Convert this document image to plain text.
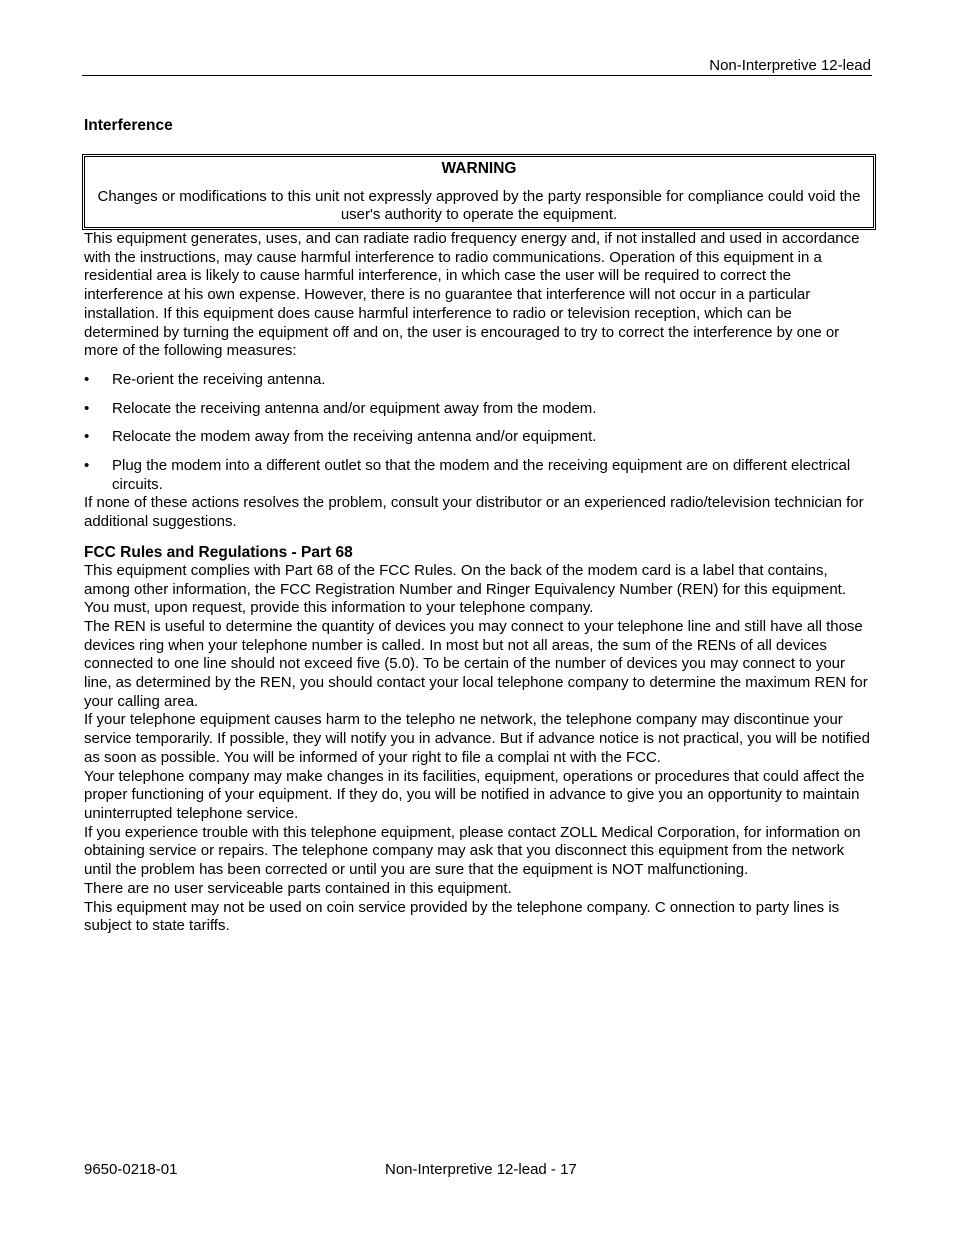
Non-Interpretive 12-lead
Interference
WARNING

Changes or modifications to this unit not expressly approved by the party responsible for compliance could void the user's authority to operate the equipment.

This equipment generates, uses, and can radiate radio frequency energy and, if not installed and used in accordance with the instructions, may cause harmful interference to radio communications. Operation of this equipment in a residential area is likely to cause harmful interference, in which case the user will be required to correct the interference at his own expense. However, there is no guarantee that interference will not occur in a particular installation. If this equipment does cause harmful interference to radio or television reception, which can be determined by turning the equipment off and on, the user is encouraged to try to correct the interference by one or more of the following measures:

• Re-orient the receiving antenna.
• Relocate the receiving antenna and/or equipment away from the modem.
• Relocate the modem away from the receiving antenna and/or equipment.
• Plug the modem into a different outlet so that the modem and the receiving equipment are on different electrical circuits.

If none of these actions resolves the problem, consult your distributor or an experienced radio/television technician for additional suggestions.

FCC Rules and Regulations - Part 68

This equipment complies with Part 68 of the FCC Rules. On the back of the modem card is a label that contains, among other information, the FCC Registration Number and Ringer Equivalency Number (REN) for this equipment. You must, upon request, provide this information to your telephone company.

The REN is useful to determine the quantity of devices you may connect to your telephone line and still have all those devices ring when your telephone number is called. In most but not all areas, the sum of the RENs of all devices connected to one line should not exceed five (5.0). To be certain of the number of devices you may connect to your line, as determined by the REN, you should contact your local telephone company to determine the maximum REN for your calling area.

If your telephone equipment causes harm to the telepho ne network, the telephone company may discontinue your service temporarily. If possible, they will notify you in advance. But if advance notice is not practical, you will be notified as soon as possible. You will be informed of your right to file a complai nt with the FCC.

Your telephone company may make changes in its facilities, equipment, operations or procedures that could affect the proper functioning of your equipment. If they do, you will be notified in advance to give you an opportunity to maintain uninterrupted telephone service.

If you experience trouble with this telephone equipment, please contact ZOLL Medical Corporation, for information on obtaining service or repairs. The telephone company may ask that you disconnect this equipment from the network until the problem has been corrected or until you are sure that the equipment is NOT malfunctioning.

There are no user serviceable parts contained in this equipment.

This equipment may not be used on coin service provided by the telephone company. C onnection to party lines is subject to state tariffs.

9650-0218-01	Non-Interpretive 12-lead - 17
